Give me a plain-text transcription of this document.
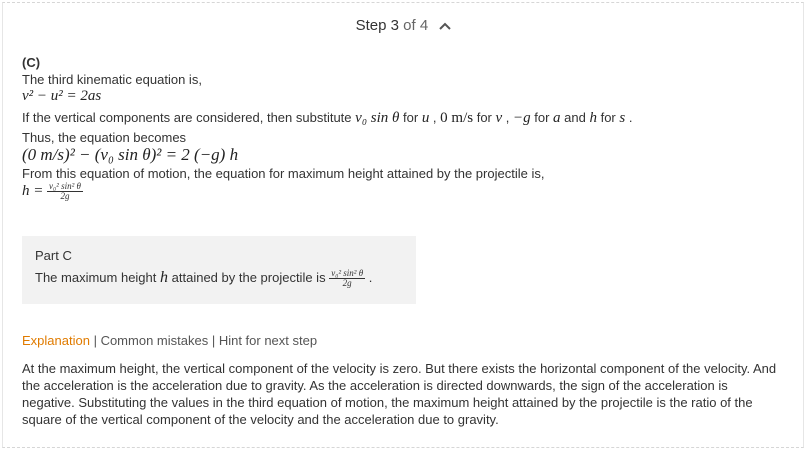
Step 3 of 4
(C)
The third kinematic equation is,
v² − u² = 2as
If the vertical components are considered, then substitute v₀ sin θ for u , 0 m/s for v , −g for a and h for s .
Thus, the equation becomes
(0 m/s)² − (v₀ sin θ)² = 2 (−g) h
From this equation of motion, the equation for maximum height attained by the projectile is,
$h = \frac{\text{v₀² sin² θ}}{2g}$
Part C
The maximum height h attained by the projectile is $\frac{\text{v₀² sin² θ}}{2g}$ .
Explanation | Common mistakes | Hint for next step
At the maximum height, the vertical component of the velocity is zero. But there exists the horizontal component of the velocity. And the acceleration is the acceleration due to gravity. As the acceleration is directed downwards, the sign of the acceleration is negative. Substituting the values in the third equation of motion, the maximum height attained by the projectile is the ratio of the square of the vertical component of the velocity and the acceleration due to gravity.
